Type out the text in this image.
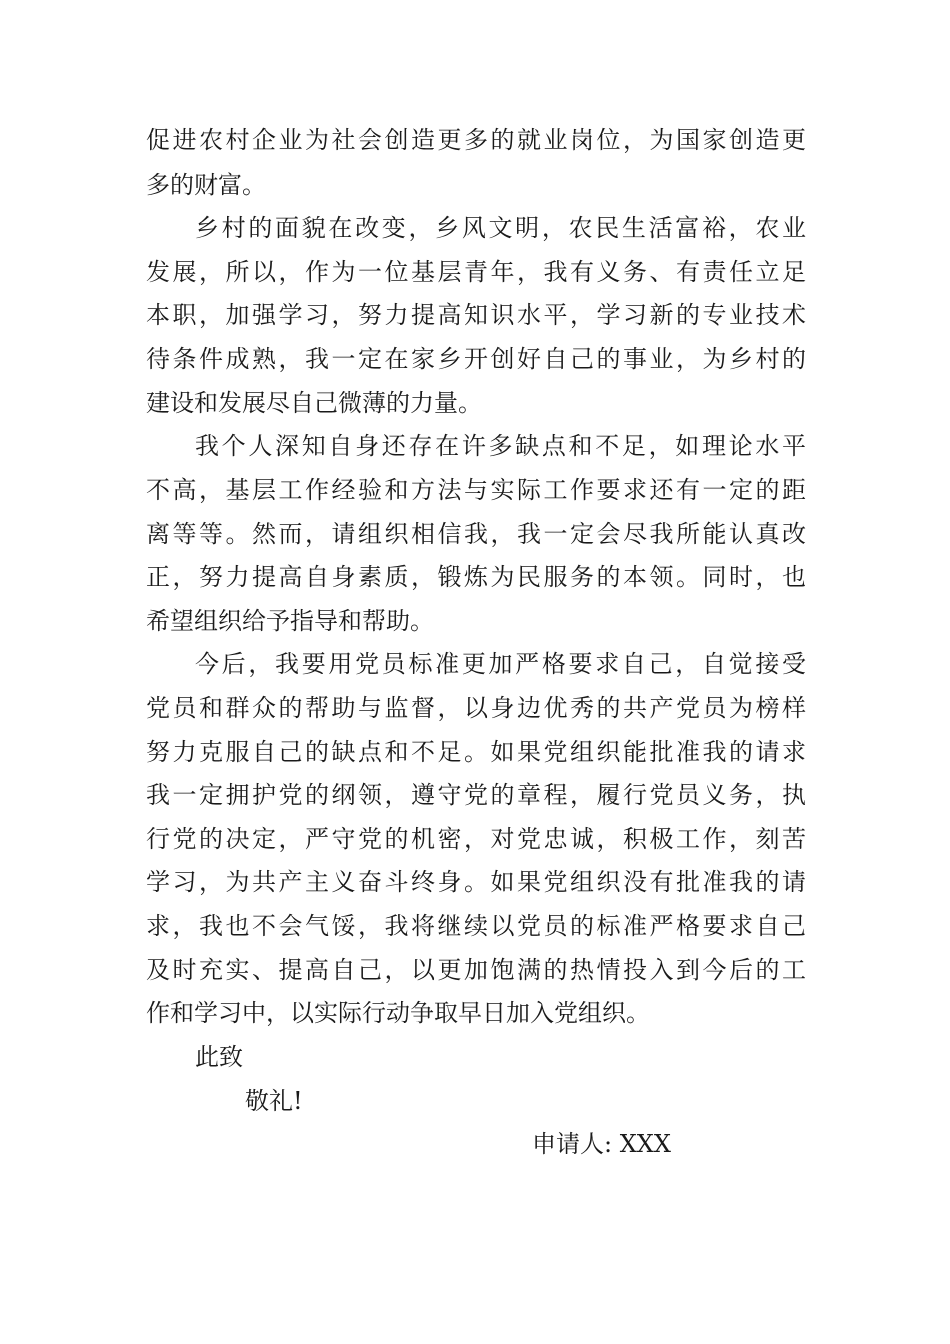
促进农村企业为社会创造更多的就业岗位，为国家创造更
多的财富。
乡村的面貌在改变，乡风文明，农民生活富裕，农业
发展，所以，作为一位基层青年，我有义务、有责任立足
本职，加强学习，努力提高知识水平，学习新的专业技术
待条件成熟，我一定在家乡开创好自己的事业，为乡村的
建设和发展尽自己微薄的力量。
我个人深知自身还存在许多缺点和不足，如理论水平
不高，基层工作经验和方法与实际工作要求还有一定的距
离等等。然而，请组织相信我，我一定会尽我所能认真改
正，努力提高自身素质，锻炼为民服务的本领。同时，也
希望组织给予指导和帮助。
今后，我要用党员标准更加严格要求自己，自觉接受
党员和群众的帮助与监督，以身边优秀的共产党员为榜样
努力克服自己的缺点和不足。如果党组织能批准我的请求
我一定拥护党的纲领，遵守党的章程，履行党员义务，执
行党的决定，严守党的机密，对党忠诚，积极工作，刻苦
学习，为共产主义奋斗终身。如果党组织没有批准我的请
求，我也不会气馁，我将继续以党员的标准严格要求自己
及时充实、提高自己，以更加饱满的热情投入到今后的工
作和学习中，以实际行动争取早日加入党组织。
此致
敬礼!
申请人: XXX
